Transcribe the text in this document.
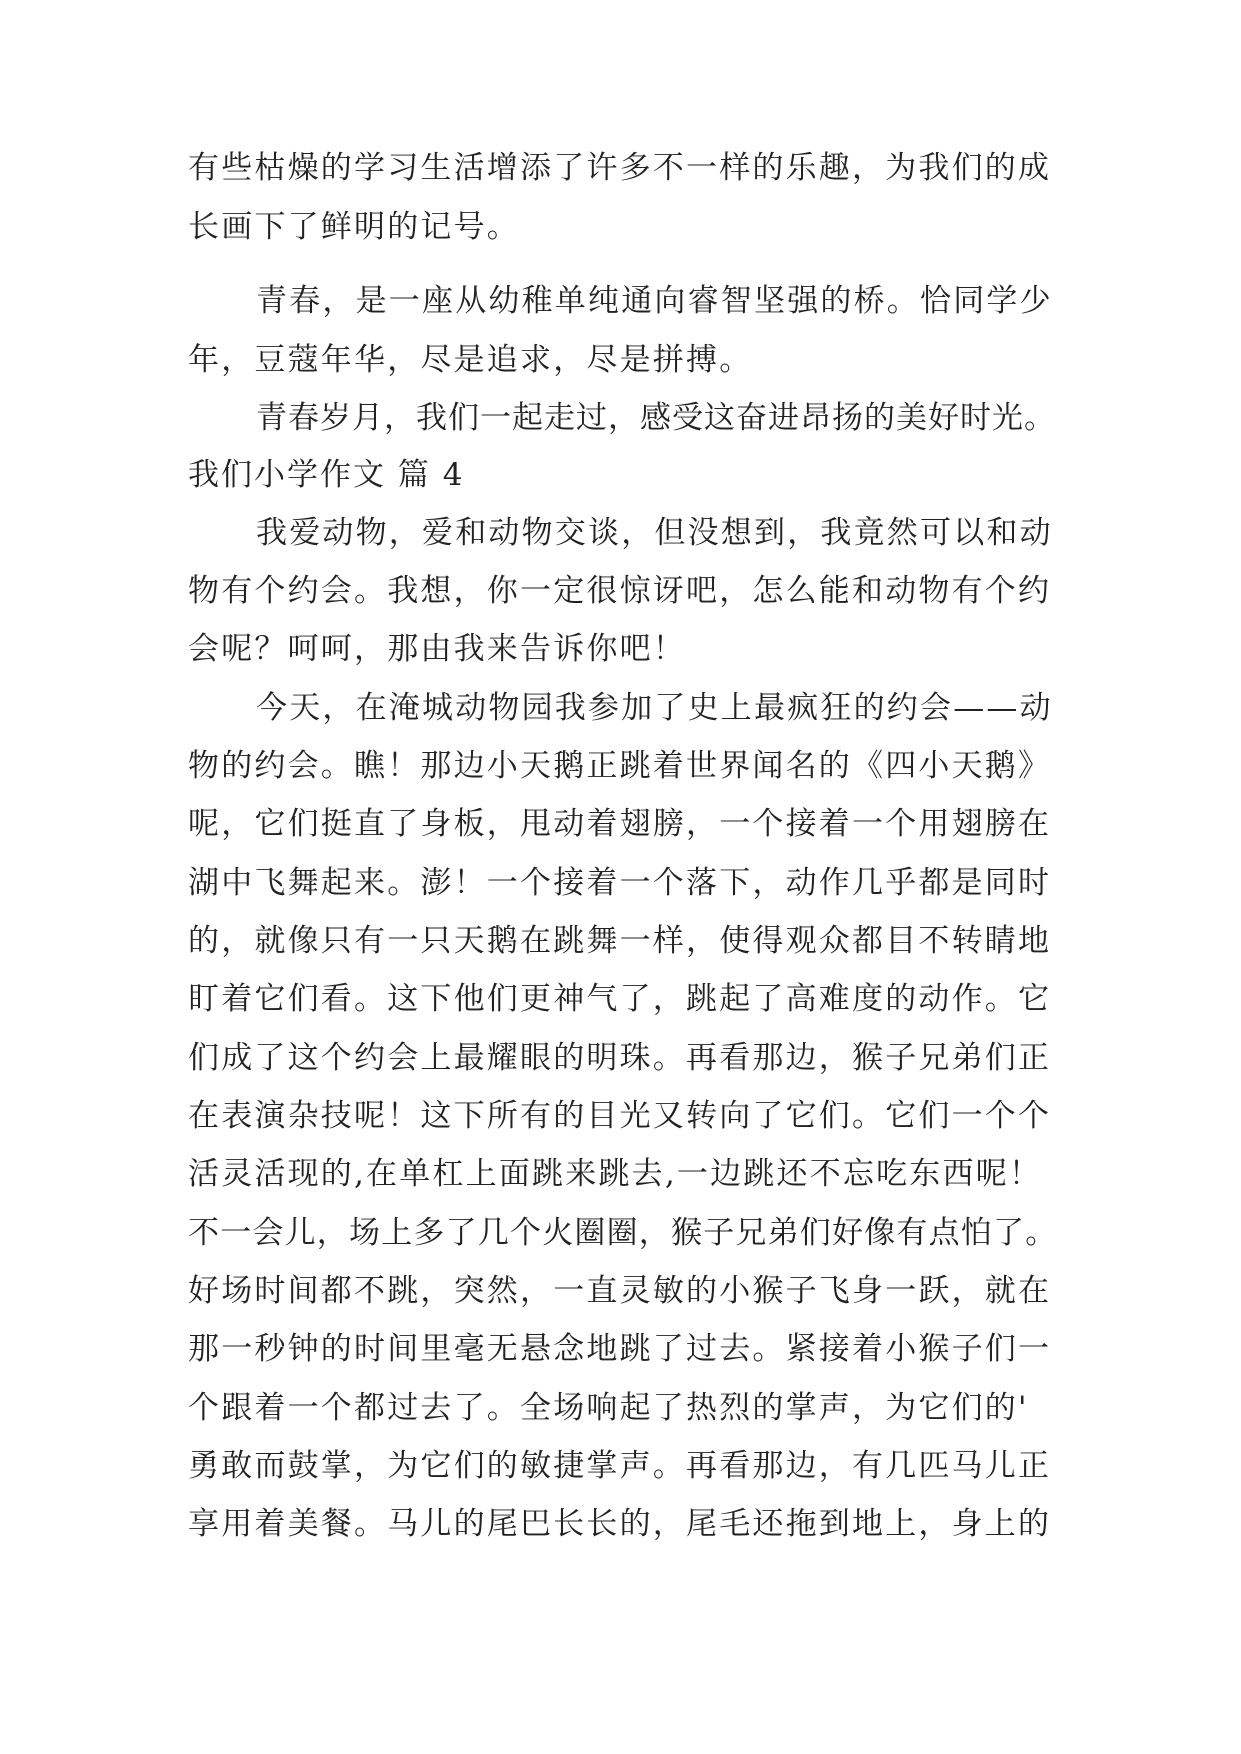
有些枯燥的学习生活增添了许多不一样的乐趣，为我们的成
长画下了鲜明的记号。
青春，是一座从幼稚单纯通向睿智坚强的桥。恰同学少
年，豆蔻年华，尽是追求，尽是拼搏。
青春岁月，我们一起走过，感受这奋进昂扬的美好时光。
我们小学作文 篇 4
我爱动物，爱和动物交谈，但没想到，我竟然可以和动
物有个约会。我想，你一定很惊讶吧，怎么能和动物有个约
会呢？呵呵，那由我来告诉你吧！
今天，在淹城动物园我参加了史上最疯狂的约会——动
物的约会。瞧！那边小天鹅正跳着世界闻名的《四小天鹅》
呢，它们挺直了身板，甩动着翅膀，一个接着一个用翅膀在
湖中飞舞起来。澎！一个接着一个落下，动作几乎都是同时
的，就像只有一只天鹅在跳舞一样，使得观众都目不转睛地
盯着它们看。这下他们更神气了，跳起了高难度的动作。它
们成了这个约会上最耀眼的明珠。再看那边，猴子兄弟们正
在表演杂技呢！这下所有的目光又转向了它们。它们一个个
活灵活现的,在单杠上面跳来跳去,一边跳还不忘吃东西呢！
不一会儿，场上多了几个火圈圈，猴子兄弟们好像有点怕了。
好场时间都不跳，突然，一直灵敏的小猴子飞身一跃，就在
那一秒钟的时间里毫无悬念地跳了过去。紧接着小猴子们一
个跟着一个都过去了。全场响起了热烈的掌声，为它们的'
勇敢而鼓掌，为它们的敏捷掌声。再看那边，有几匹马儿正
享用着美餐。马儿的尾巴长长的，尾毛还拖到地上，身上的
